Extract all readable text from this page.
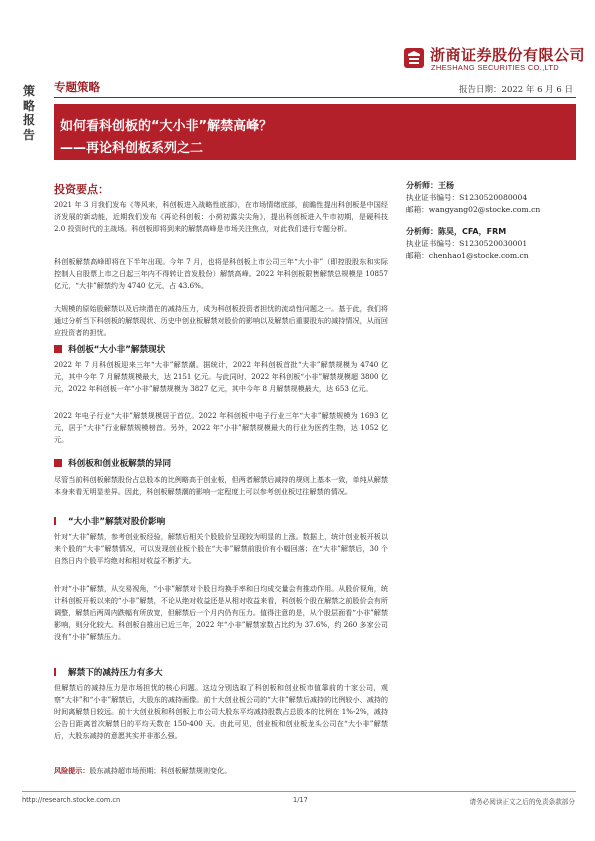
浙商证券股份有限公司
ZHESHANG SECURITIES CO.,LTD
策略报告
专题策略	报告日期：2022 年 6 月 6 日
如何看科创板的“大小非”解禁高峰？
——再论科创板系列之二
分析师：王杨
执业证书编号：S1230520080004
邮箱：wangyang02@stocke.com.cn
分析师：陈昊，CFA，FRM
执业证书编号：S1230520030001
邮箱：chenhao1@stocke.com.cn
投资要点：
2021 年 3 月我们发布《等风来，科创板进入战略性底部》，在市场情绪底部，前瞻性提出科创板是中国经济发展的新动能，近期我们发布《再论科创板：小荷初露尖尖角》，提出科创板进入牛市初期，是硬科技 2.0 投资时代的主战场。科创板即将到来的解禁高峰是市场关注焦点，对此我们进行专题分析。
科创板解禁高峰即将在下半年出现。今年 7 月，也将是科创板上市公司三年“大小非”（即控股股东和实际控制人自股票上市之日起三年内不得转让首发股份）解禁高峰。2022 年科创板限售解禁总规模是 10857 亿元，“大非”解禁约为 4740 亿元，占 43.6%。
大规模的原始股解禁以及后续潜在的减持压力，成为科创板投资者担忧的流动性问题之一。基于此，我们将通过分析当下科创板的解禁现状、历史中创业板解禁对股价的影响以及解禁后重要股东的减持情况，从而回应投资者的担忧。
科创板“大小非”解禁现状
2022 年 7 月科创板迎来三年“大非”解禁潮。据统计，2022 年科创板首批“大非”解禁规模为 4740 亿元，其中今年 7 月解禁规模最大，达 2151 亿元。与此同时，2022 年科创板“小非”解禁规模超 3800 亿元，2022 年科创板一年“小非”解禁规模为 3827 亿元，其中今年 8 月解禁规模最大，达 653 亿元。
2022 年电子行业“大非”解禁规模居于首位。2022 年科创板中电子行业三年“大非”解禁规模为 1693 亿元，居于“大非”行业解禁规模榜首。另外，2022 年“小非”解禁规模最大的行业为医药生物，达 1052 亿元。
科创板和创业板解禁的异同
尽管当前科创板解禁股份占总股本的比例略高于创业板，但两者解禁后减持的规则上基本一致，单纯从解禁本身来看无明显差异。因此，科创板解禁潮的影响一定程度上可以参考创业板过往解禁的情况。
“大小非”解禁对股价影响
针对“大非”解禁，参考创业板经验，解禁后相关个股股价呈现较为明显的上涨。数据上，统计创业板开板以来个股的“大非”解禁情况，可以发现创业板个股在“大非”解禁前股价有小幅回落；在“大非”解禁后，30 个自然日内个股平均绝对和相对收益不断扩大。
针对“小非”解禁，从交易视角，“小非”解禁对个股日均换手率和日均成交量会有推动作用。从股价视角，统计科创板开板以来的“小非”解禁，不论从绝对收益还是从相对收益来看，科创板个股在解禁之前股价会有所调整，解禁后两周内跌幅有所放宽，但解禁后一个月内仍有压力。值得注意的是，从个股层面看“小非”解禁影响，则分化较大。科创板自推出已近三年，2022 年“小非”解禁家数占比约为 37.6%，约 260 多家公司没有“小非”解禁压力。
解禁下的减持压力有多大
但解禁后的减持压力是市场担忧的核心问题。这边分别选取了科创板和创业板市值靠前的十家公司，观察“大非”和“小非”解禁后，大股东的减持画像。前十大创业板公司的“大非”解禁后减持的比例较小、减持的时间离解禁日较远。前十大创业板和科创板上市公司大股东平均减持股数占总股本的比例在 1%-2%，减持公告日距离首次解禁日的平均天数在 150-400 天。由此可见，创业板和创业板龙头公司在“大小非”解禁后，大股东减持的意愿其实并非那么强。
风险提示：股东减持超市场预期；科创板解禁规则变化。
http://research.stocke.com.cn	1/17	请务必阅读正文之后的免责条款部分
